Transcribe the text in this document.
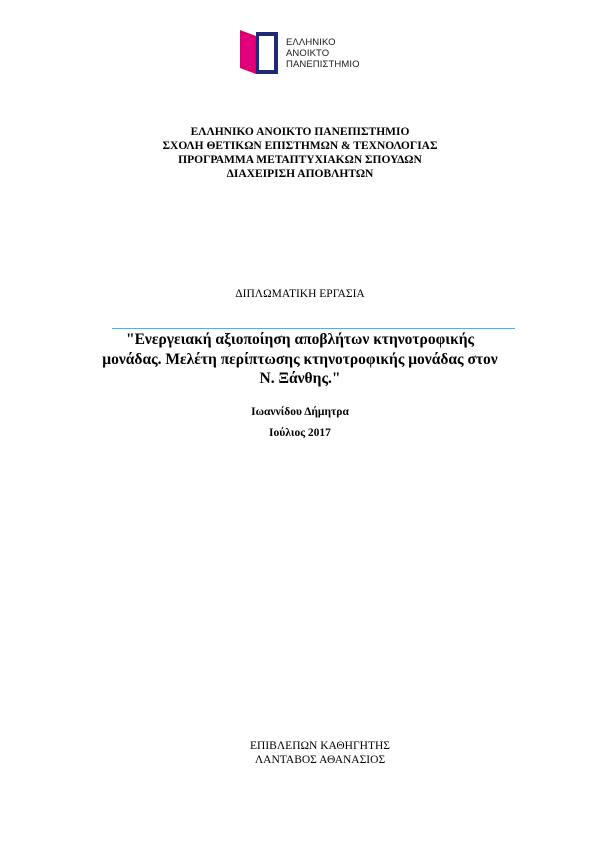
ΕΛΛΗΝΙΚΟ
ΑΝΟΙΚΤΟ
ΠΑΝΕΠΙΣΤΗΜΙΟ
ΕΛΛΗΝΙΚΟ ΑΝΟΙΚΤΟ ΠΑΝΕΠΙΣΤΗΜΙΟ
ΣΧΟΛΗ ΘΕΤΙΚΩΝ ΕΠΙΣΤΗΜΩΝ & ΤΕΧΝΟΛΟΓΙΑΣ
ΠΡΟΓΡΑΜΜΑ ΜΕΤΑΠΤΥΧΙΑΚΩΝ ΣΠΟΥΔΩΝ
ΔΙΑΧΕΙΡΙΣΗ ΑΠΟΒΛΗΤΩΝ
ΔΙΠΛΩΜΑΤΙΚΗ ΕΡΓΑΣΙΑ
"Ενεργειακή αξιοποίηση αποβλήτων κτηνοτροφικής
μονάδας. Μελέτη περίπτωσης κτηνοτροφικής μονάδας στον
Ν. Ξάνθης."
Ιωαννίδου Δήμητρα
Ιούλιος 2017
ΕΠΙΒΛΕΠΩΝ ΚΑΘΗΓΗΤΗΣ
ΛΑΝΤΑΒΟΣ ΑΘΑΝΑΣΙΟΣ
